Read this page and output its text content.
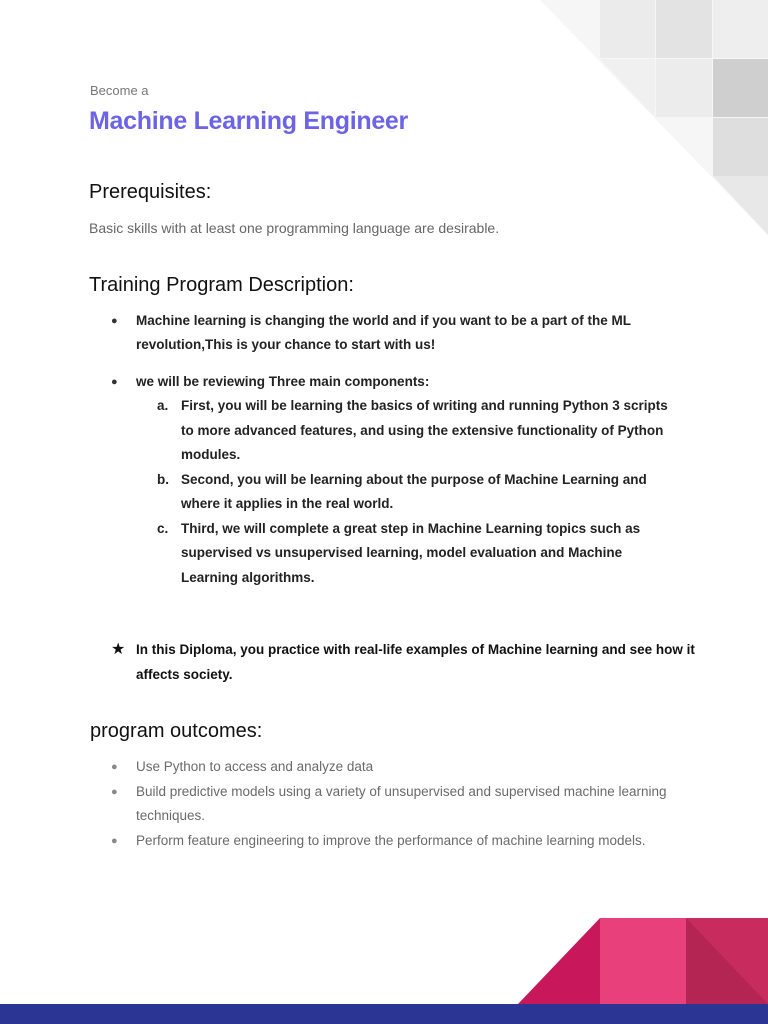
Become a
Machine Learning Engineer
Prerequisites:
Basic skills with at least one programming language are desirable.
Training Program Description:
● Machine learning is changing the world and if you want to be a part of the ML revolution,This is your chance to start with us!
● we will be reviewing Three main components:
a. First, you will be learning the basics of writing and running Python 3 scripts to more advanced features, and using the extensive functionality of Python modules.
b. Second, you will be learning about the purpose of Machine Learning and where it applies in the real world.
c. Third, we will complete a great step in Machine Learning topics such as supervised vs unsupervised learning, model evaluation and Machine Learning algorithms.
★ In this Diploma, you practice with real-life examples of Machine learning and see how it affects society.
program outcomes:
● Use Python to access and analyze data
● Build predictive models using a variety of unsupervised and supervised machine learning techniques.
● Perform feature engineering to improve the performance of machine learning models.
